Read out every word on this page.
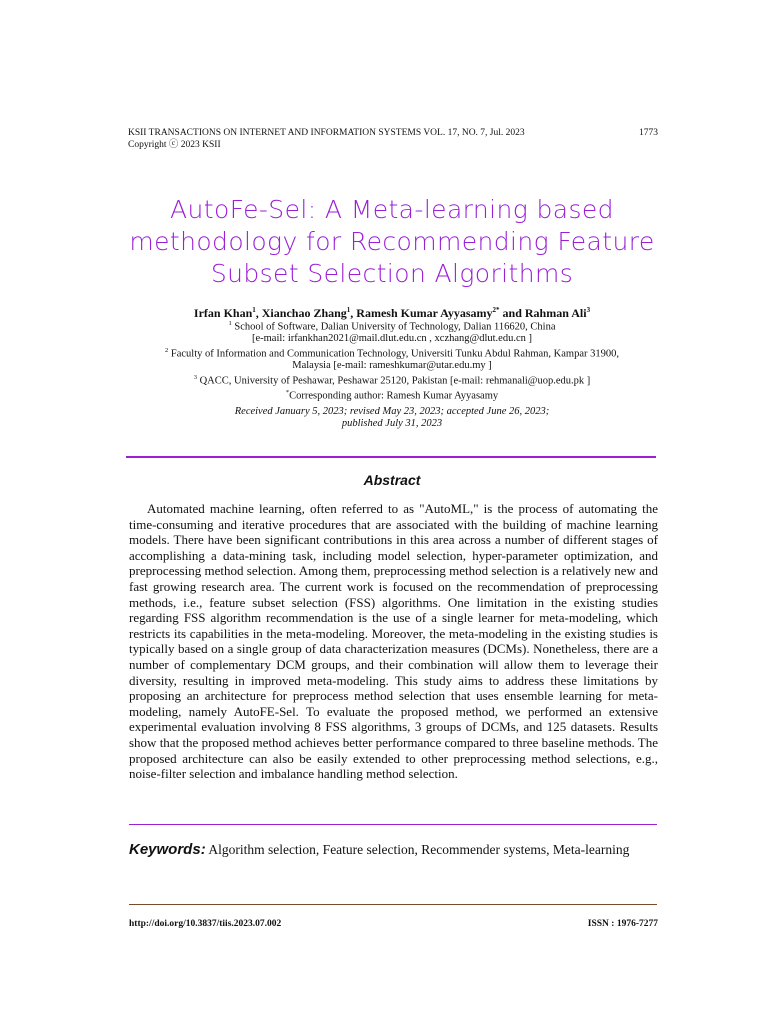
KSII TRANSACTIONS ON INTERNET AND INFORMATION SYSTEMS VOL. 17, NO. 7, Jul. 2023
Copyright ⓒ 2023 KSII
1773
AutoFe-Sel: A Meta-learning based methodology for Recommending Feature Subset Selection Algorithms
Irfan Khan$^1$, Xianchao Zhang$^1$, Ramesh Kumar Ayyasamy$^{2*}$ and Rahman Ali$^3$
$^1$ School of Software, Dalian University of Technology, Dalian 116620, China
[e-mail: irfankhan2021@mail.dlut.edu.cn , xczhang@dlut.edu.cn ]
$^2$ Faculty of Information and Communication Technology, Universiti Tunku Abdul Rahman, Kampar 31900,
Malaysia [e-mail: rameshkumar@utar.edu.my ]
$^3$ QACC, University of Peshawar, Peshawar 25120, Pakistan [e-mail: rehmanali@uop.edu.pk ]
*Corresponding author: Ramesh Kumar Ayyasamy
Received January 5, 2023; revised May 23, 2023; accepted June 26, 2023;
published July 31, 2023
Abstract

Automated machine learning, often referred to as "AutoML," is the process of automating the time-consuming and iterative procedures that are associated with the building of machine learning models. There have been significant contributions in this area across a number of different stages of accomplishing a data-mining task, including model selection, hyper-parameter optimization, and preprocessing method selection. Among them, preprocessing method selection is a relatively new and fast growing research area. The current work is focused on the recommendation of preprocessing methods, i.e., feature subset selection (FSS) algorithms. One limitation in the existing studies regarding FSS algorithm recommendation is the use of a single learner for meta-modeling, which restricts its capabilities in the meta-modeling. Moreover, the meta-modeling in the existing studies is typically based on a single group of data characterization measures (DCMs). Nonetheless, there are a number of complementary DCM groups, and their combination will allow them to leverage their diversity, resulting in improved meta-modeling. This study aims to address these limitations by proposing an architecture for preprocess method selection that uses ensemble learning for meta-modeling, namely AutoFE-Sel. To evaluate the proposed method, we performed an extensive experimental evaluation involving 8 FSS algorithms, 3 groups of DCMs, and 125 datasets. Results show that the proposed method achieves better performance compared to three baseline methods. The proposed architecture can also be easily extended to other preprocessing method selections, e.g., noise-filter selection and imbalance handling method selection.

Keywords: Algorithm selection, Feature selection, Recommender systems, Meta-learning
http://doi.org/10.3837/tiis.2023.07.002	ISSN : 1976-7277
